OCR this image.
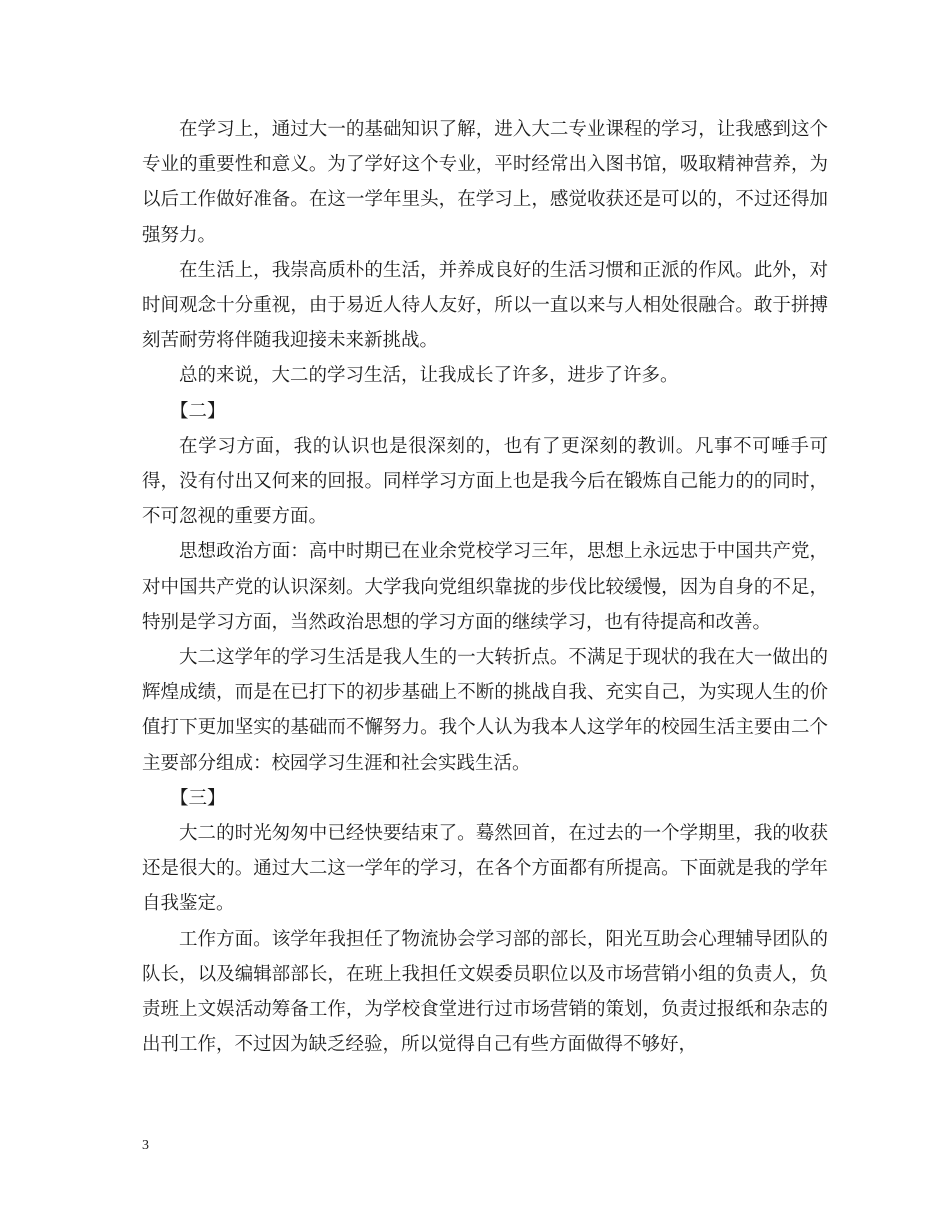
在学习上，通过大一的基础知识了解，进入大二专业课程的学习，让我感到这个专业的重要性和意义。为了学好这个专业，平时经常出入图书馆，吸取精神营养，为以后工作做好准备。在这一学年里头，在学习上，感觉收获还是可以的，不过还得加强努力。

在生活上，我崇高质朴的生活，并养成良好的生活习惯和正派的作风。此外，对时间观念十分重视，由于易近人待人友好，所以一直以来与人相处很融合。敢于拼搏刻苦耐劳将伴随我迎接未来新挑战。

总的来说，大二的学习生活，让我成长了许多，进步了许多。

【二】

在学习方面，我的认识也是很深刻的，也有了更深刻的教训。凡事不可唾手可得，没有付出又何来的回报。同样学习方面上也是我今后在锻炼自己能力的的同时，不可忽视的重要方面。

思想政治方面：高中时期已在业余党校学习三年，思想上永远忠于中国共产党，对中国共产党的认识深刻。大学我向党组织靠拢的步伐比较缓慢，因为自身的不足，特别是学习方面，当然政治思想的学习方面的继续学习，也有待提高和改善。

大二这学年的学习生活是我人生的一大转折点。不满足于现状的我在大一做出的辉煌成绩，而是在已打下的初步基础上不断的挑战自我、充实自己，为实现人生的价值打下更加坚实的基础而不懈努力。我个人认为我本人这学年的校园生活主要由二个主要部分组成：校园学习生涯和社会实践生活。

【三】

大二的时光匆匆中已经快要结束了。蓦然回首，在过去的一个学期里，我的收获还是很大的。通过大二这一学年的学习，在各个方面都有所提高。下面就是我的学年自我鉴定。

工作方面。该学年我担任了物流协会学习部的部长，阳光互助会心理辅导团队的队长，以及编辑部部长，在班上我担任文娱委员职位以及市场营销小组的负责人，负责班上文娱活动筹备工作，为学校食堂进行过市场营销的策划，负责过报纸和杂志的出刊工作，不过因为缺乏经验，所以觉得自己有些方面做得不够好，

3
